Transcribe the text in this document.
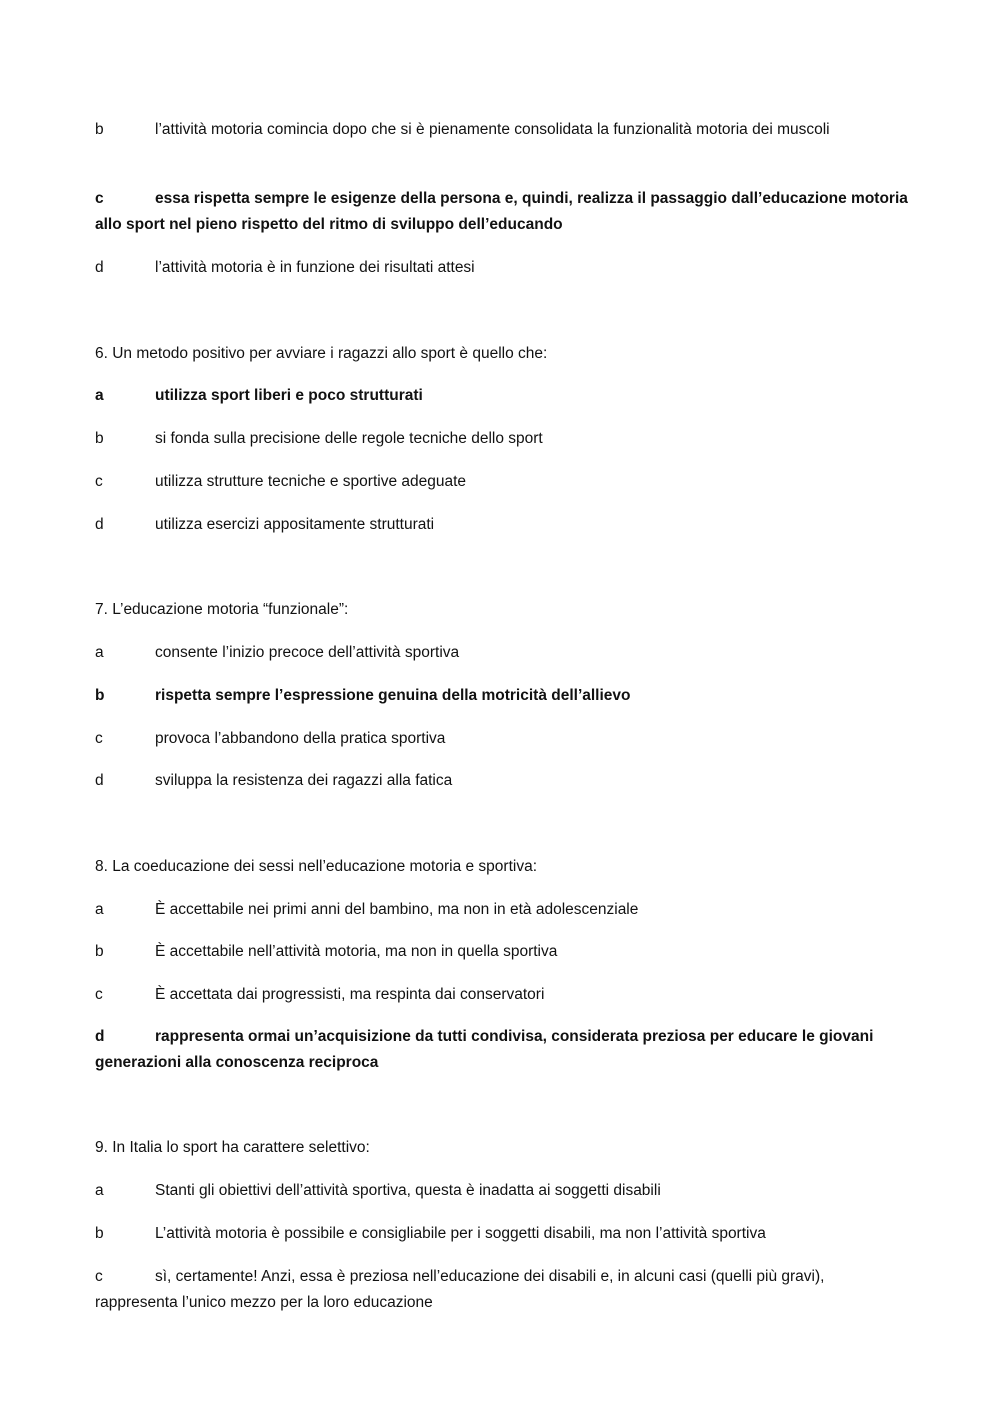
b	l’attività motoria comincia dopo che si è pienamente consolidata la funzionalità motoria dei muscoli
c	essa rispetta sempre le esigenze della persona e, quindi, realizza il passaggio dall’educazione motoria allo sport nel pieno rispetto del ritmo di sviluppo dell’educando
d	l’attività motoria è in funzione dei risultati attesi
6. Un metodo positivo per avviare i ragazzi allo sport è quello che:
a	utilizza sport liberi e poco strutturati
b	si fonda sulla precisione delle regole tecniche dello sport
c	utilizza strutture tecniche e sportive adeguate
d	utilizza esercizi appositamente strutturati
7. L’educazione motoria “funzionale”:
a	consente l’inizio precoce dell’attività sportiva
b	rispetta sempre l’espressione genuina della motricità dell’allievo
c	provoca l’abbandono della pratica sportiva
d	sviluppa la resistenza dei ragazzi alla fatica
8. La coeducazione dei sessi nell’educazione motoria e sportiva:
a	È accettabile nei primi anni del bambino, ma non in età adolescenziale
b	È accettabile nell’attività motoria, ma non in quella sportiva
c	È accettata dai progressisti, ma respinta dai conservatori
d	rappresenta ormai un’acquisizione da tutti condivisa, considerata preziosa per educare le giovani generazioni alla conoscenza reciproca
9. In Italia lo sport ha carattere selettivo:
a	Stanti gli obiettivi dell’attività sportiva, questa è inadatta ai soggetti disabili
b	L’attività motoria è possibile e consigliabile per i soggetti disabili, ma non l’attività sportiva
c	sì, certamente! Anzi, essa è preziosa nell’educazione dei disabili e, in alcuni casi (quelli più gravi), rappresenta l’unico mezzo per la loro educazione
